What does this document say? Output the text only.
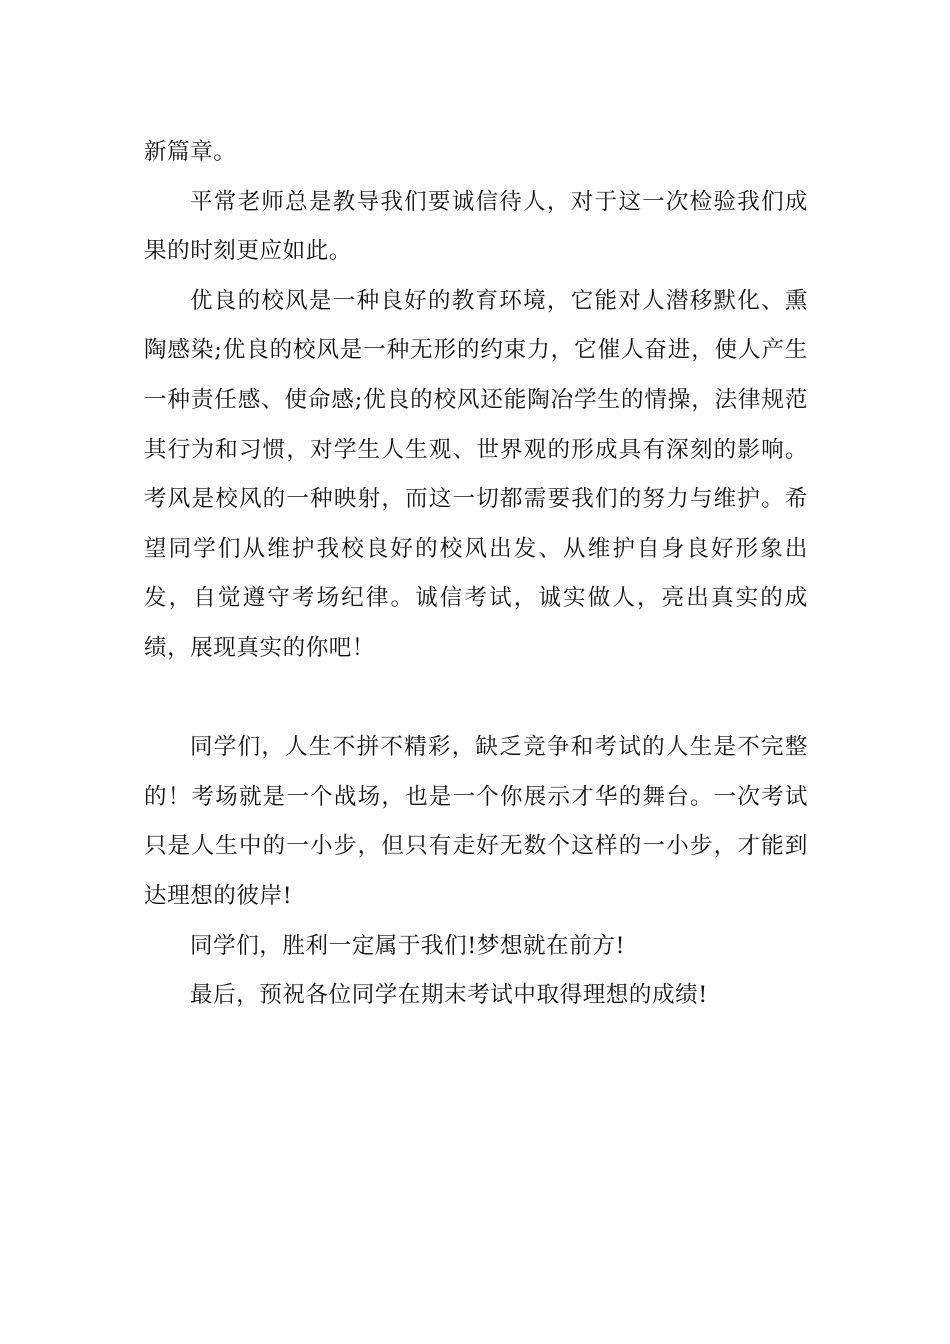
新篇章。

平常老师总是教导我们要诚信待人，对于这一次检验我们成果的时刻更应如此。

优良的校风是一种良好的教育环境，它能对人潜移默化、熏陶感染;优良的校风是一种无形的约束力，它催人奋进，使人产生一种责任感、使命感;优良的校风还能陶冶学生的情操，法律规范其行为和习惯，对学生人生观、世界观的形成具有深刻的影响。考风是校风的一种映射，而这一切都需要我们的努力与维护。希望同学们从维护我校良好的校风出发、从维护自身良好形象出发，自觉遵守考场纪律。诚信考试，诚实做人，亮出真实的成绩，展现真实的你吧！

同学们，人生不拼不精彩，缺乏竞争和考试的人生是不完整的！考场就是一个战场，也是一个你展示才华的舞台。一次考试只是人生中的一小步，但只有走好无数个这样的一小步，才能到达理想的彼岸!

同学们，胜利一定属于我们!梦想就在前方!

最后，预祝各位同学在期末考试中取得理想的成绩!
